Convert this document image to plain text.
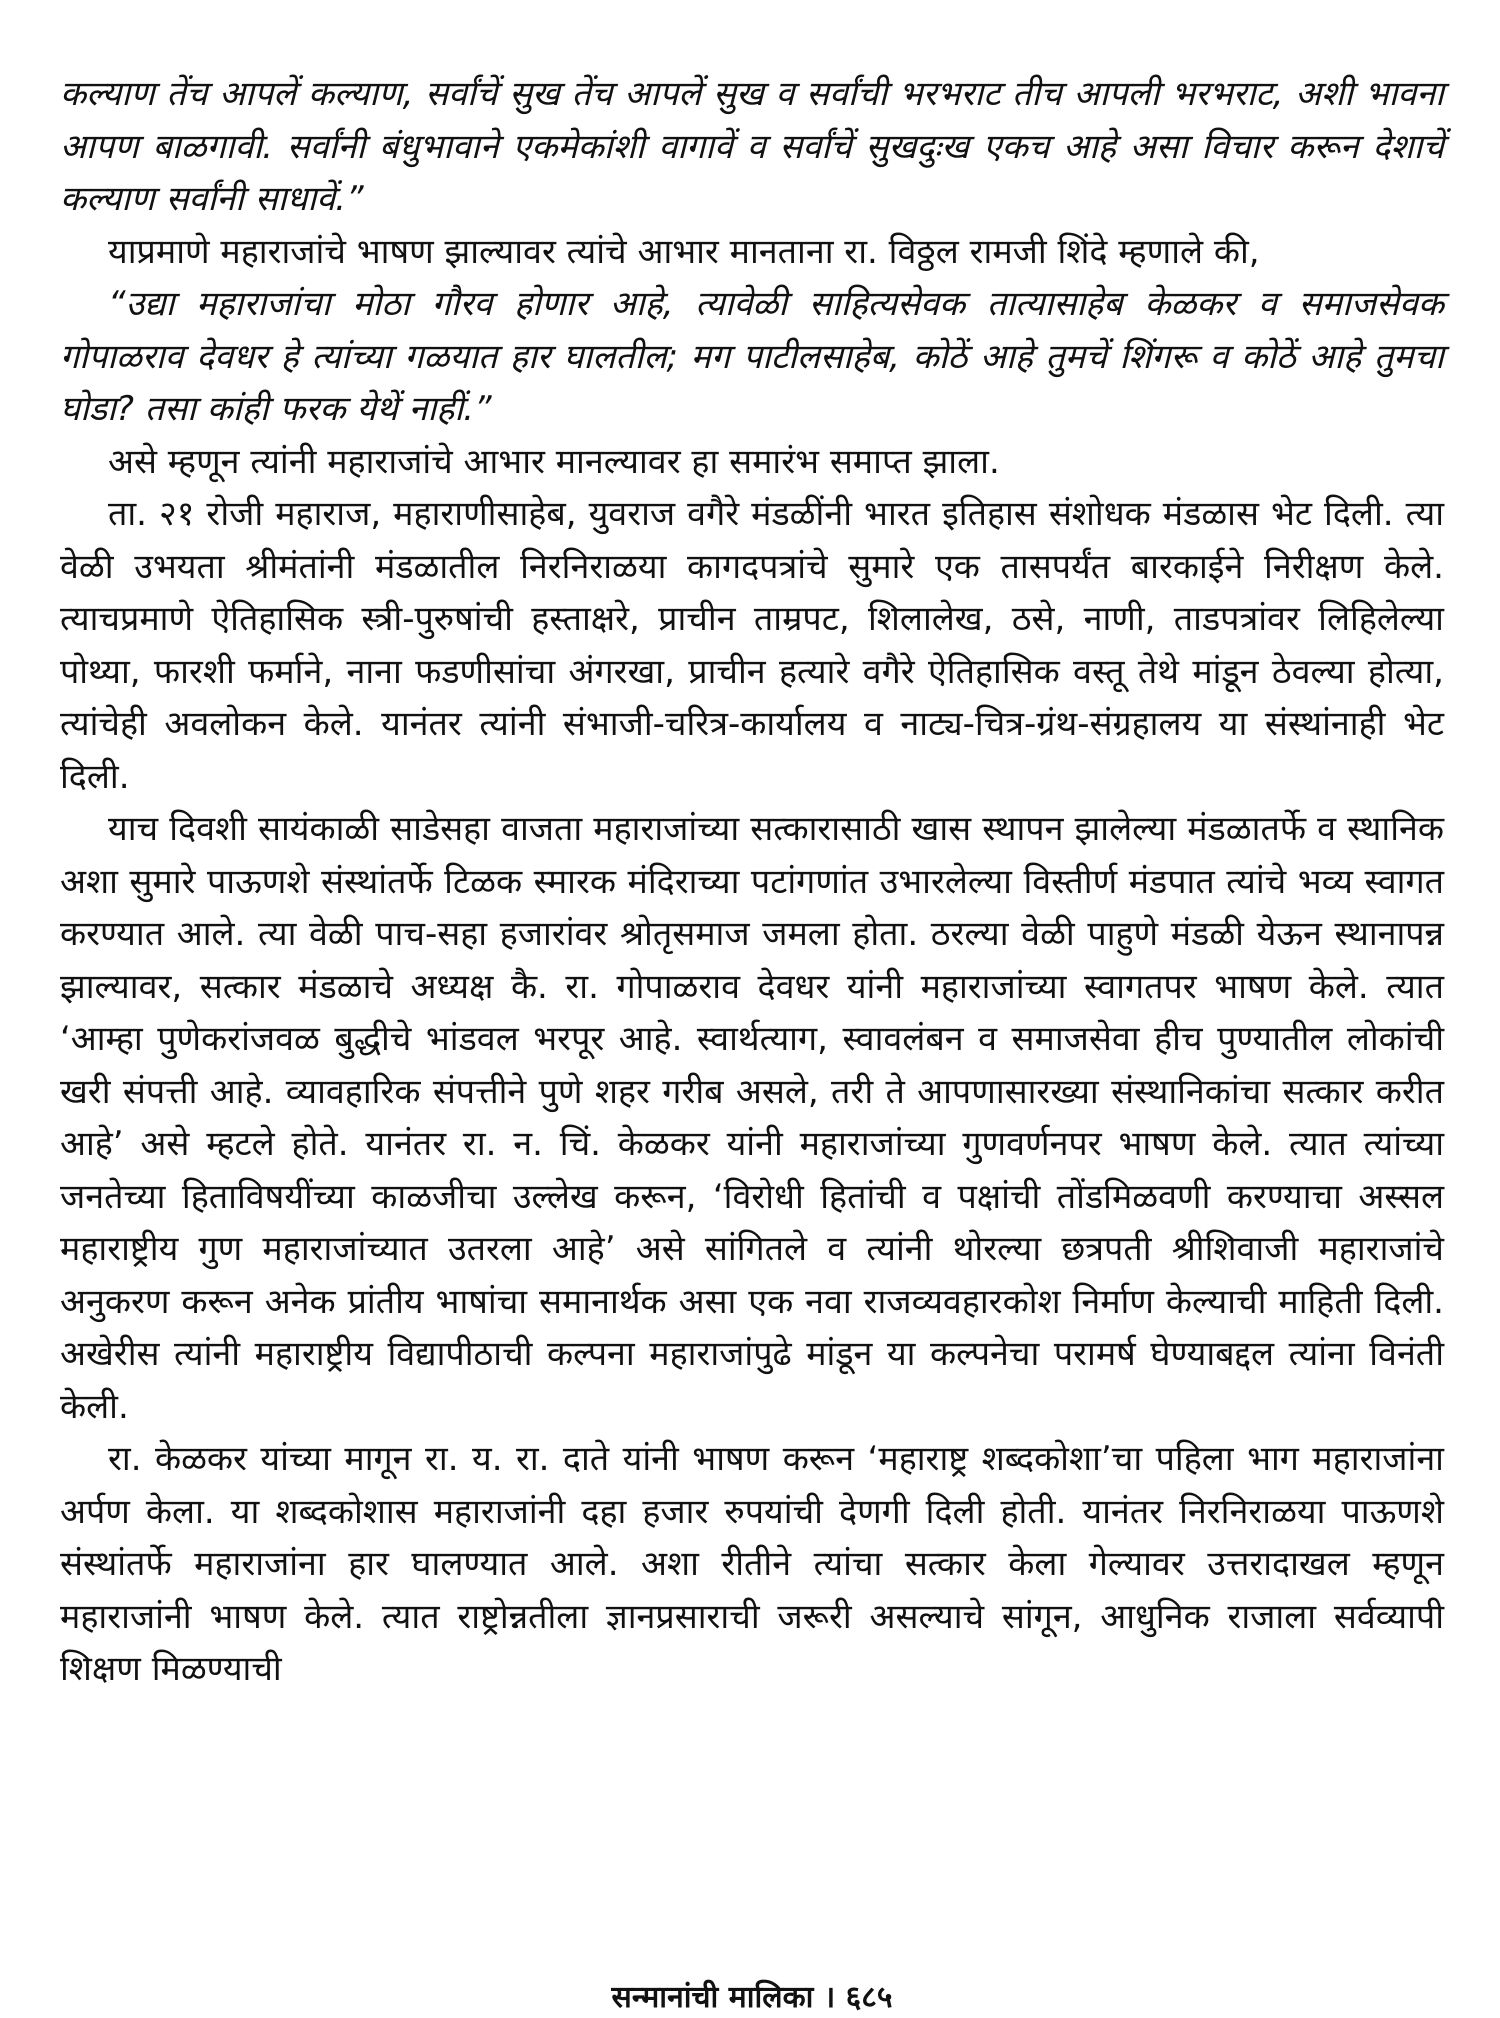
कल्याण तेंच आपलें कल्याण, सर्वांचें सुख तेंच आपलें सुख व सर्वांची भरभराट तीच आपली भरभराट, अशी भावना आपण बाळगावी. सर्वांनी बंधुभावाने एकमेकांशी वागावें व सर्वांचें सुखदुःख एकच आहे असा विचार करून देशाचें कल्याण सर्वांनी साधावें.”

याप्रमाणे महाराजांचे भाषण झाल्यावर त्यांचे आभार मानताना रा. विठ्ठल रामजी शिंदे म्हणाले की,

“उद्या महाराजांचा मोठा गौरव होणार आहे, त्यावेळी साहित्यसेवक तात्यासाहेब केळकर व समाजसेवक गोपाळराव देवधर हे त्यांच्या गळयात हार घालतील; मग पाटीलसाहेब, कोठें आहे तुमचें शिंगरू व कोठें आहे तुमचा घोडा? तसा कांही फरक येथें नाहीं.”

असे म्हणून त्यांनी महाराजांचे आभार मानल्यावर हा समारंभ समाप्त झाला.

ता. २१ रोजी महाराज, महाराणीसाहेब, युवराज वगैरे मंडळींनी भारत इतिहास संशोधक मंडळास भेट दिली. त्या वेळी उभयता श्रीमंतांनी मंडळातील निरनिराळया कागदपत्रांचे सुमारे एक तासपर्यंत बारकाईने निरीक्षण केले. त्याचप्रमाणे ऐतिहासिक स्त्री-पुरुषांची हस्ताक्षरे, प्राचीन ताम्रपट, शिलालेख, ठसे, नाणी, ताडपत्रांवर लिहिलेल्या पोथ्या, फारशी फर्माने, नाना फडणीसांचा अंगरखा, प्राचीन हत्यारे वगैरे ऐतिहासिक वस्तू तेथे मांडून ठेवल्या होत्या, त्यांचेही अवलोकन केले. यानंतर त्यांनी संभाजी-चरित्र-कार्यालय व नाट्य-चित्र-ग्रंथ-संग्रहालय या संस्थांनाही भेट दिली.

याच दिवशी सायंकाळी साडेसहा वाजता महाराजांच्या सत्कारासाठी खास स्थापन झालेल्या मंडळातर्फे व स्थानिक अशा सुमारे पाऊणशे संस्थांतर्फे टिळक स्मारक मंदिराच्या पटांगणांत उभारलेल्या विस्तीर्ण मंडपात त्यांचे भव्य स्वागत करण्यात आले. त्या वेळी पाच-सहा हजारांवर श्रोतृसमाज जमला होता. ठरल्या वेळी पाहुणे मंडळी येऊन स्थानापन्न झाल्यावर, सत्कार मंडळाचे अध्यक्ष कै. रा. गोपाळराव देवधर यांनी महाराजांच्या स्वागतपर भाषण केले. त्यात ‘आम्हा पुणेकरांजवळ बुद्धीचे भांडवल भरपूर आहे. स्वार्थत्याग, स्वावलंबन व समाजसेवा हीच पुण्यातील लोकांची खरी संपत्ती आहे. व्यावहारिक संपत्तीने पुणे शहर गरीब असले, तरी ते आपणासारख्या संस्थानिकांचा सत्कार करीत आहे’ असे म्हटले होते. यानंतर रा. न. चिं. केळकर यांनी महाराजांच्या गुणवर्णनपर भाषण केले. त्यात त्यांच्या जनतेच्या हिताविषयींच्या काळजीचा उल्लेख करून, ‘विरोधी हितांची व पक्षांची तोंडमिळवणी करण्याचा अस्सल महाराष्ट्रीय गुण महाराजांच्यात उतरला आहे’ असे सांगितले व त्यांनी थोरल्या छत्रपती श्रीशिवाजी महाराजांचे अनुकरण करून अनेक प्रांतीय भाषांचा समानार्थक असा एक नवा राजव्यवहारकोश निर्माण केल्याची माहिती दिली. अखेरीस त्यांनी महाराष्ट्रीय विद्यापीठाची कल्पना महाराजांपुढे मांडून या कल्पनेचा परामर्ष घेण्याबद्दल त्यांना विनंती केली.

रा. केळकर यांच्या मागून रा. य. रा. दाते यांनी भाषण करून ‘महाराष्ट्र शब्दकोशा’चा पहिला भाग महाराजांना अर्पण केला. या शब्दकोशास महाराजांनी दहा हजार रुपयांची देणगी दिली होती. यानंतर निरनिराळया पाऊणशे संस्थांतर्फे महाराजांना हार घालण्यात आले. अशा रीतीने त्यांचा सत्कार केला गेल्यावर उत्तरादाखल म्हणून महाराजांनी भाषण केले. त्यात राष्ट्रोन्नतीला ज्ञानप्रसाराची जरूरी असल्याचे सांगून, आधुनिक राजाला सर्वव्यापी शिक्षण मिळण्याची

सन्मानांची मालिका । ६८५
